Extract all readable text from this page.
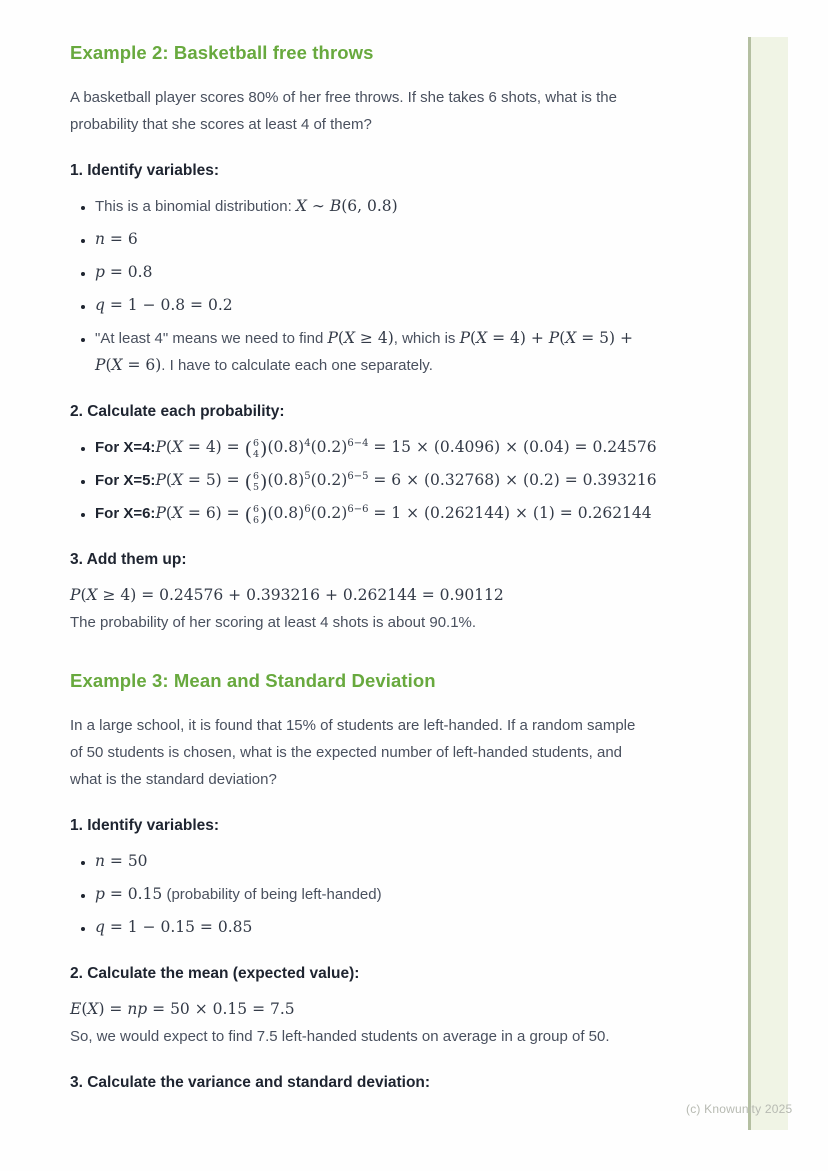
(c) Knowunity 2025
Example 2: Basketball free throws

A basketball player scores 80% of her free throws. If she takes 6 shots, what is the probability that she scores at least 4 of them?

1. Identify variables:
• This is a binomial distribution: X ∼ B(6, 0.8)
• n = 6
• p = 0.8
• q = 1 − 0.8 = 0.2
• "At least 4" means we need to find P(X ≥ 4), which is P(X = 4) + P(X = 5) + P(X = 6). I have to calculate each one separately.
2. Calculate each probability:
• For X=4:P(X = 4) = ( 6
4 ) (0.8)4(0.2)6−4 = 15 × (0.4096) × (0.04) = 0.24576
• For X=5:P(X = 5) = ( 6
5 ) (0.8)5(0.2)6−5 = 6 × (0.32768) × (0.2) = 0.393216
• For X=6:P(X = 6) = ( 6
6 ) (0.8)6(0.2)6−6 = 1 × (0.262144) × (1) = 0.262144
3. Add them up:

P(X ≥ 4) = 0.24576 + 0.393216 + 0.262144 = 0.90112

The probability of her scoring at least 4 shots is about 90.1%.

Example 3: Mean and Standard Deviation

In a large school, it is found that 15% of students are left-handed. If a random sample of 50 students is chosen, what is the expected number of left-handed students, and what is the standard deviation?

1. Identify variables:
• n = 50
• p = 0.15 (probability of being left-handed)
• q = 1 − 0.15 = 0.85
2. Calculate the mean (expected value):

E(X) = np = 50 × 0.15 = 7.5

So, we would expect to find 7.5 left-handed students on average in a group of 50.

3. Calculate the variance and standard deviation:
